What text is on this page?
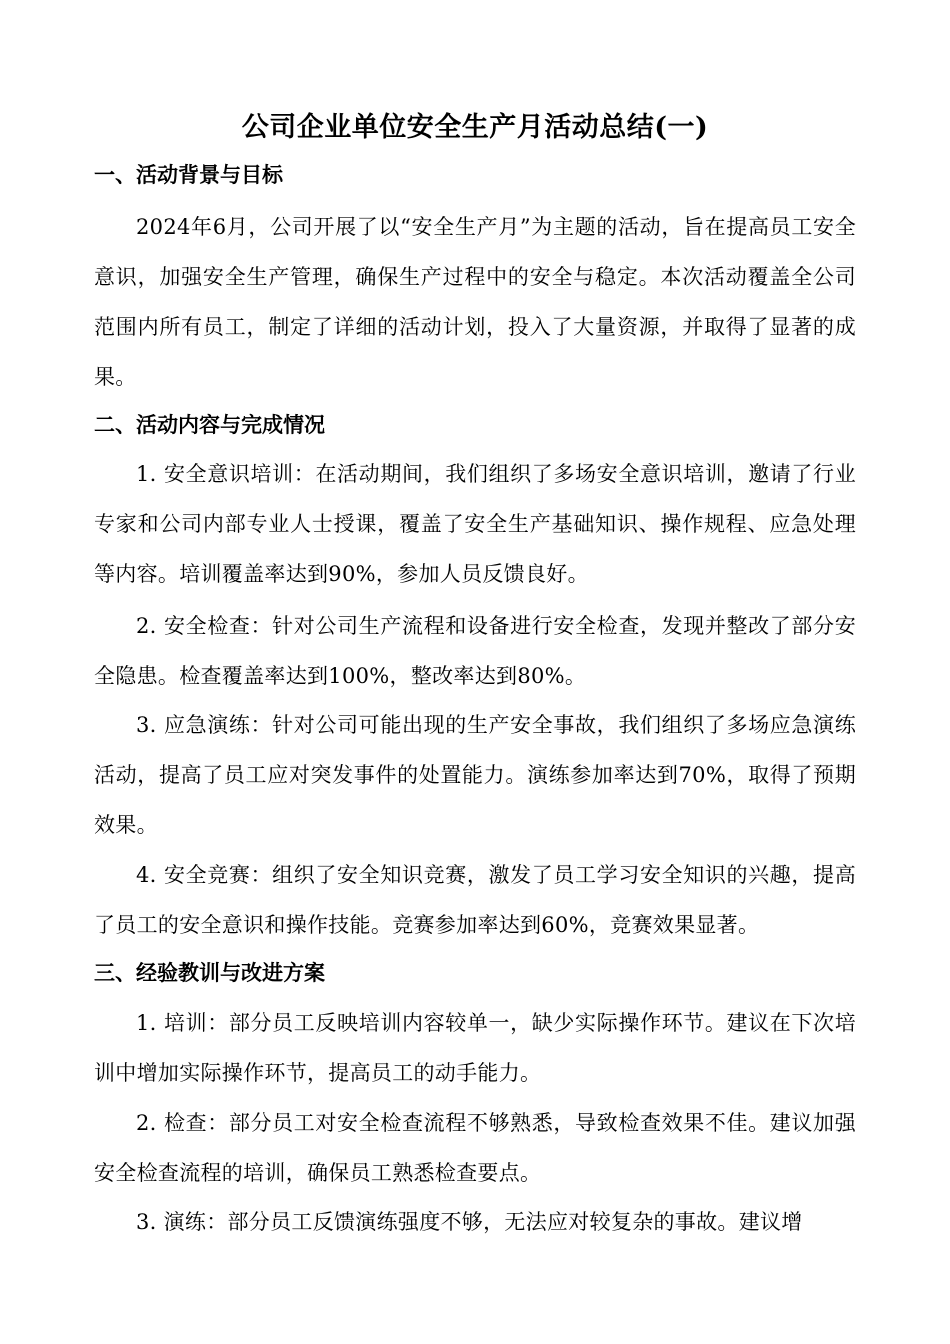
公司企业单位安全生产月活动总结(一)
一、活动背景与目标
2024年6月，公司开展了以“安全生产月”为主题的活动，旨在提高员工安全意识，加强安全生产管理，确保生产过程中的安全与稳定。本次活动覆盖全公司范围内所有员工，制定了详细的活动计划，投入了大量资源，并取得了显著的成果。
二、活动内容与完成情况
1. 安全意识培训：在活动期间，我们组织了多场安全意识培训，邀请了行业专家和公司内部专业人士授课，覆盖了安全生产基础知识、操作规程、应急处理等内容。培训覆盖率达到90%，参加人员反馈良好。
2. 安全检查：针对公司生产流程和设备进行安全检查，发现并整改了部分安全隐患。检查覆盖率达到100%，整改率达到80%。
3. 应急演练：针对公司可能出现的生产安全事故，我们组织了多场应急演练活动，提高了员工应对突发事件的处置能力。演练参加率达到70%，取得了预期效果。
4. 安全竞赛：组织了安全知识竞赛，激发了员工学习安全知识的兴趣，提高了员工的安全意识和操作技能。竞赛参加率达到60%，竞赛效果显著。
三、经验教训与改进方案
1. 培训：部分员工反映培训内容较单一，缺少实际操作环节。建议在下次培训中增加实际操作环节，提高员工的动手能力。
2. 检查：部分员工对安全检查流程不够熟悉，导致检查效果不佳。建议加强安全检查流程的培训，确保员工熟悉检查要点。
3. 演练：部分员工反馈演练强度不够，无法应对较复杂的事故。建议增
